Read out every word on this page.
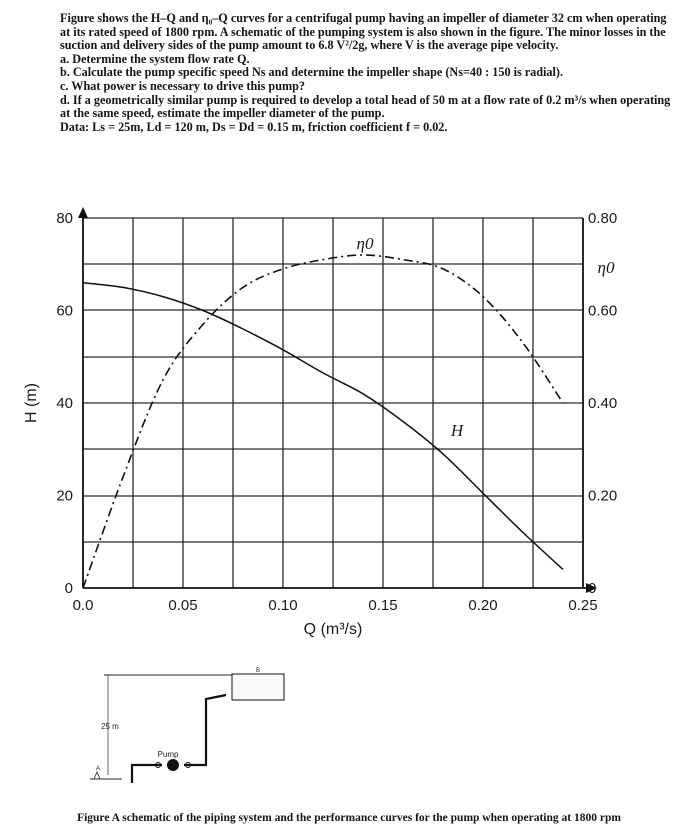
Figure shows the H–Q and η₀–Q curves for a centrifugal pump having an impeller of diameter 32 cm when operating at its rated speed of 1800 rpm. A schematic of the pumping system is also shown in the figure. The minor losses in the suction and delivery sides of the pump amount to 6.8 V²/2g, where V is the average pipe velocity.

a. Determine the system flow rate Q.

b. Calculate the pump specific speed Ns and determine the impeller shape (Ns=40 : 150 is radial).

c. What power is necessary to drive this pump?

d. If a geometrically similar pump is required to develop a total head of 50 m at a flow rate of 0.2 m³/s when operating at the same speed, estimate the impeller diameter of the pump.

Data: Ls = 25m, Ld = 120 m, Ds = Dd = 0.15 m, friction coefficient f = 0.02.

0.0	0.05	0.10	0.15	0.20	0.25
0
20
40
60
80
0
0.20
0.40
0.60
0.80
Q (m³/s)
H (m)
η0
η0
H
A
25 m
Pump
B
Figure A schematic of the piping system and the performance curves for the pump when operating at 1800 rpm
